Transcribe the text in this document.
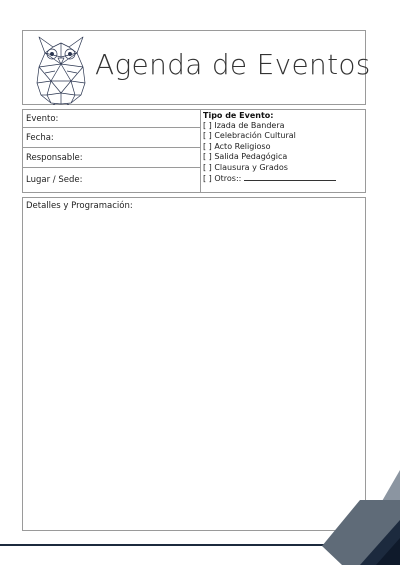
Agenda de Eventos
Evento:
Fecha:
Responsable:
Lugar / Sede:
Tipo de Evento:
[ ] Izada de Bandera
[ ] Celebración Cultural
[ ] Acto Religioso
[ ] Salida Pedagógica
[ ] Clausura y Grados
[ ] Otros::
Detalles y Programación:
